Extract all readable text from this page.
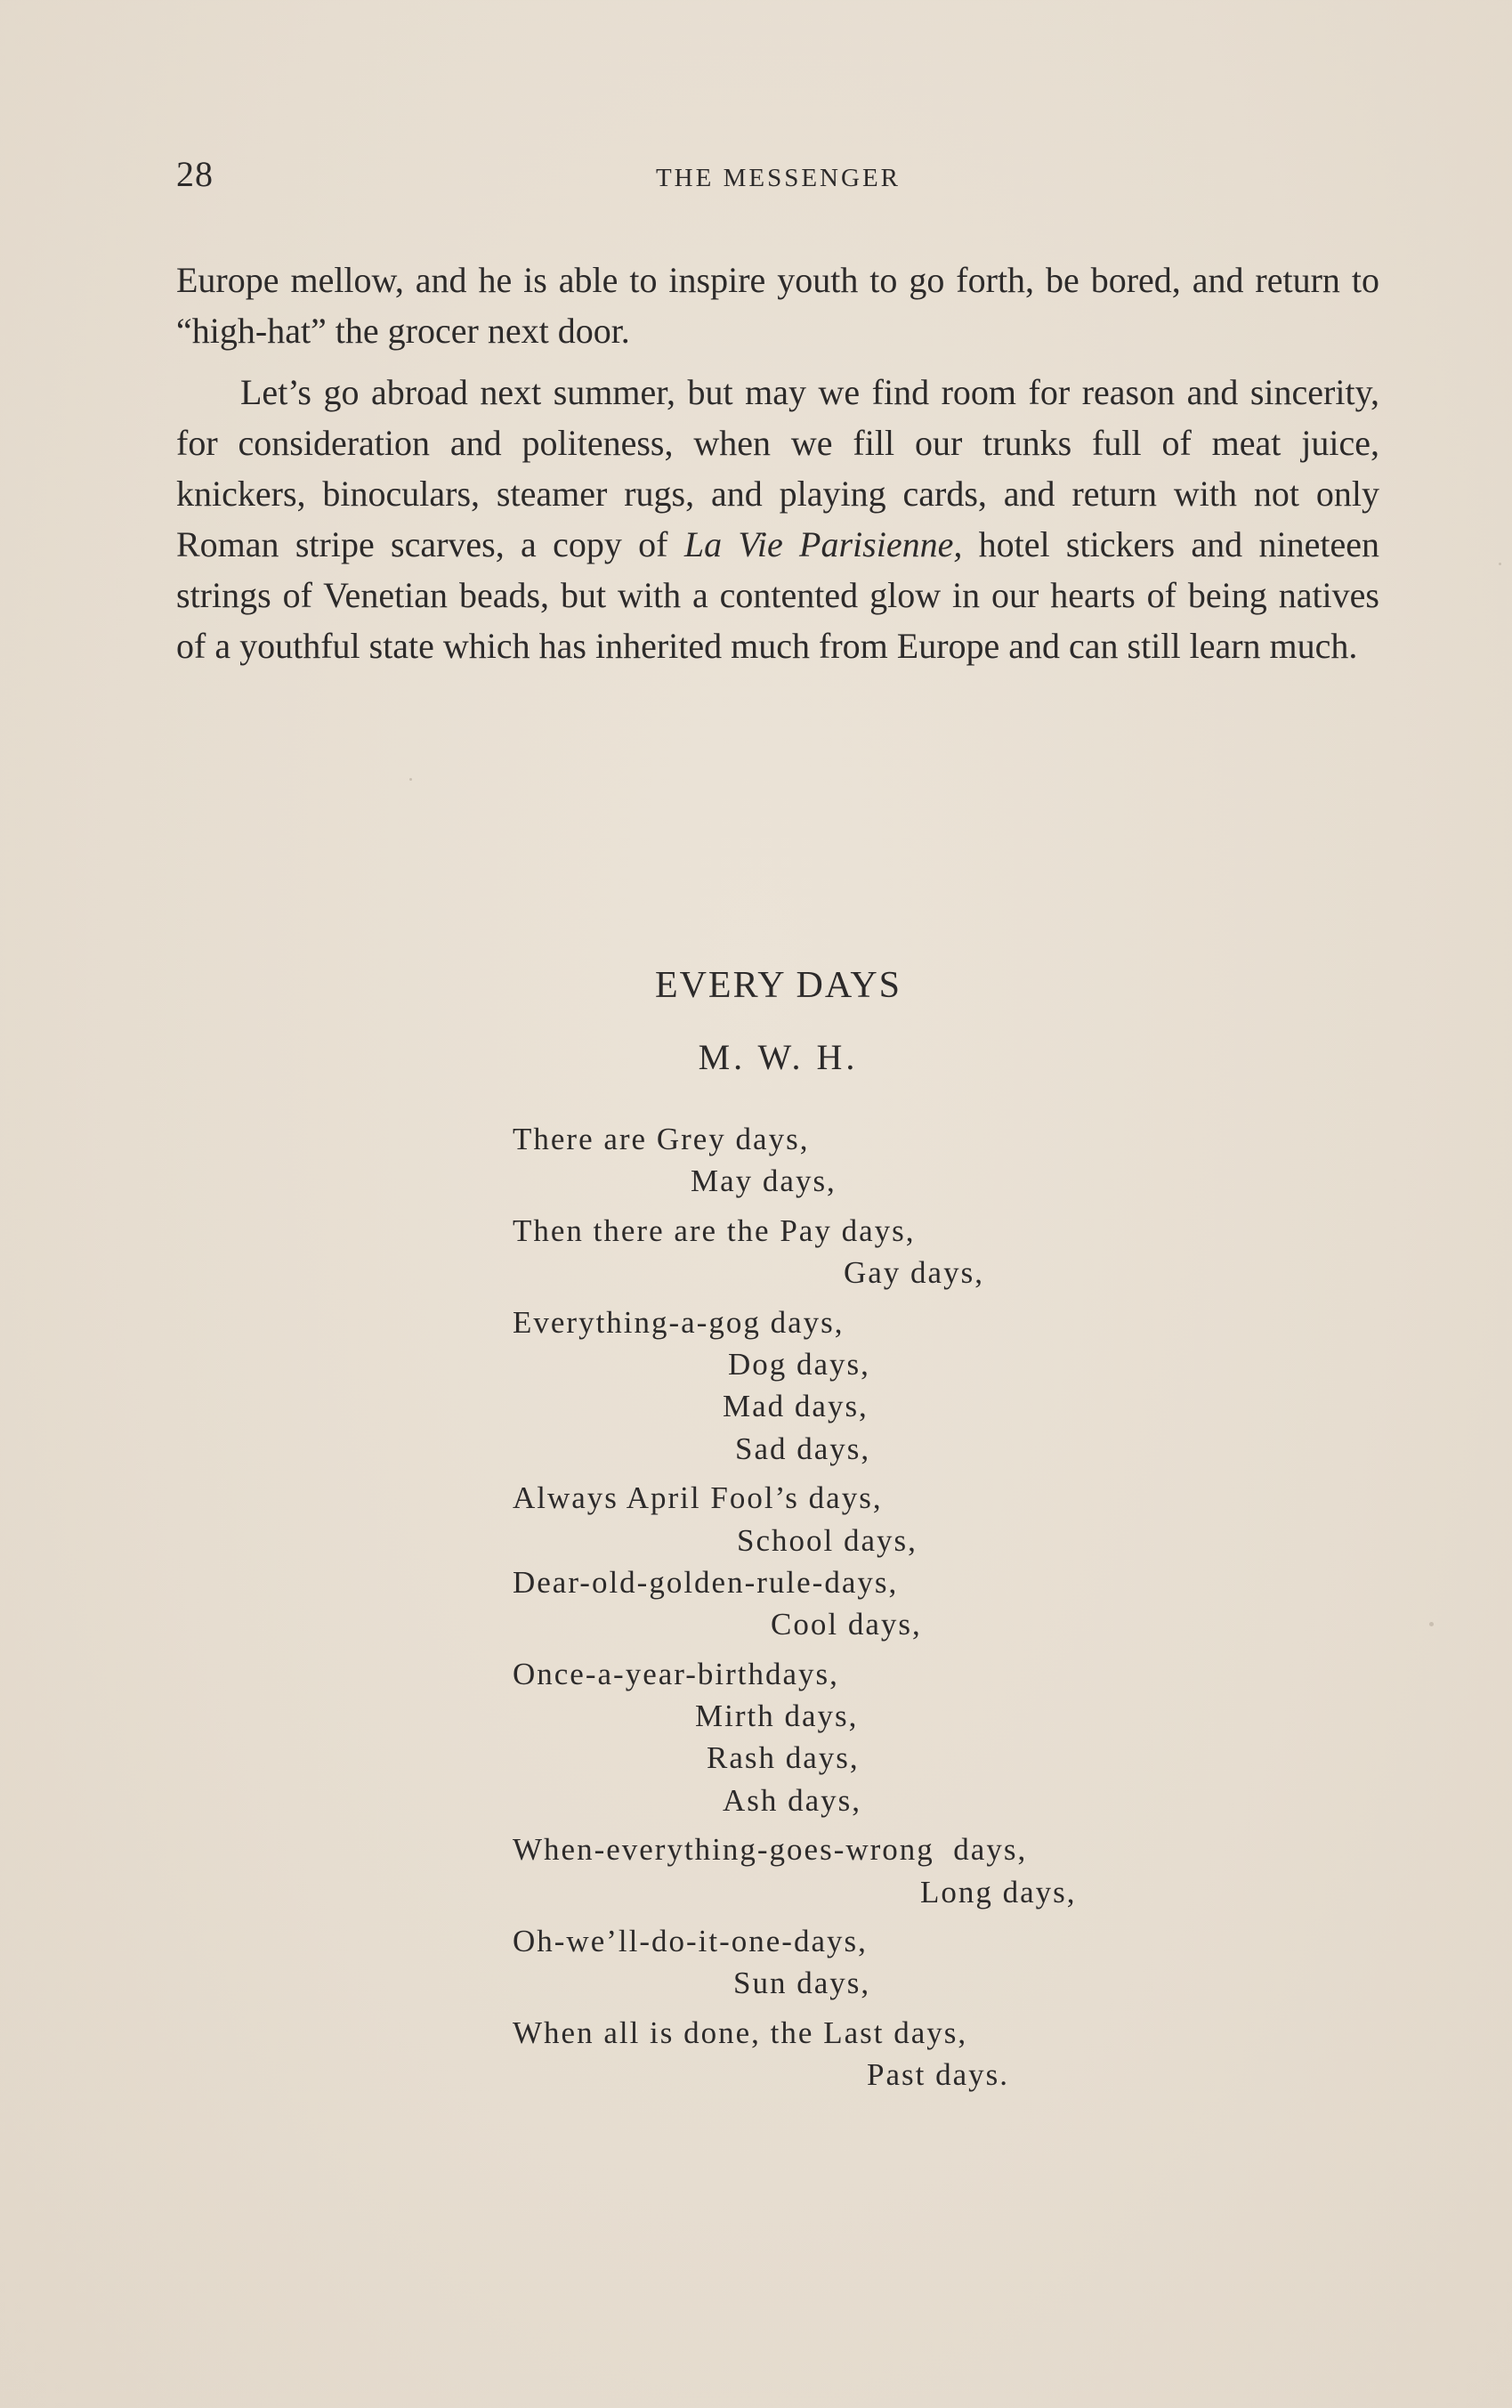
28	THE MESSENGER

Europe mellow, and he is able to inspire youth to go forth, be bored, and return to “high-hat” the grocer next door.

Let’s go abroad next summer, but may we find room for reason and sincerity, for consideration and politeness, when we fill our trunks full of meat juice, knickers, binoculars, steamer rugs, and playing cards, and return with not only Roman stripe scarves, a copy of La Vie Parisienne, hotel stickers and nineteen strings of Venetian beads, but with a contented glow in our hearts of being natives of a youthful state which has inherited much from Europe and can still learn much.

EVERY DAYS
M. W. H.
There are Grey days,
May days,
Then there are the Pay days,
Gay days,
Everything-a-gog days,
Dog days,
Mad days,
Sad days,
Always April Fool’s days,
School days,
Dear-old-golden-rule-days,
Cool days,
Once-a-year-birthdays,
Mirth days,
Rash days,
Ash days,
When-everything-goes-wrong  days,
Long days,
Oh-we’ll-do-it-one-days,
Sun days,
When all is done, the Last days,
Past days.
